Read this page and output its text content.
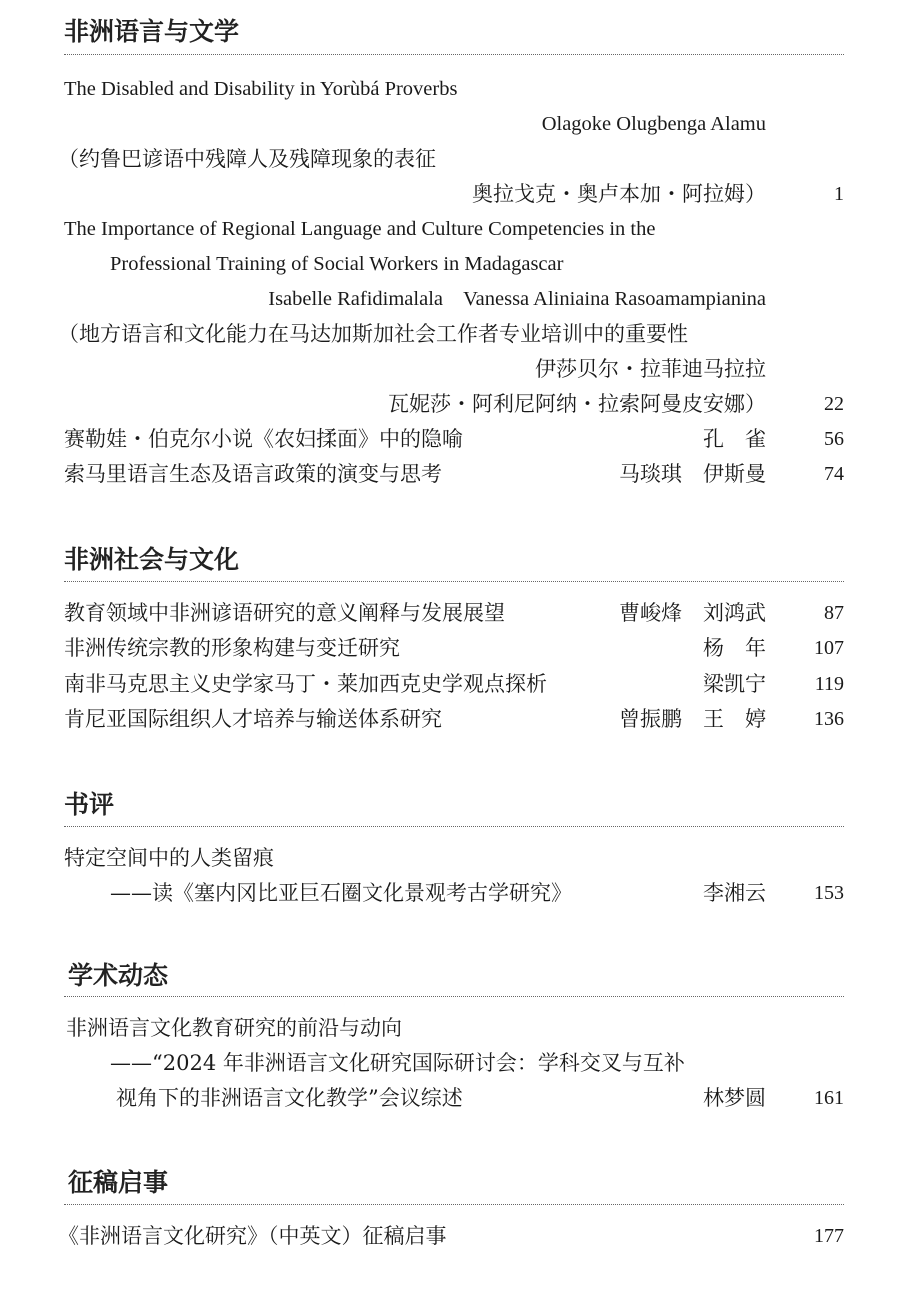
非洲语言与文学
The Disabled and Disability in Yorùbá Proverbs
Olagoke Olugbenga Alamu
（约鲁巴谚语中残障人及残障现象的表征
奥拉戈克・奥卢本加・阿拉姆）	1
The Importance of Regional Language and Culture Competencies in the
Professional Training of Social Workers in Madagascar
Isabelle Rafidimalala    Vanessa Aliniaina Rasoamampianina
（地方语言和文化能力在马达加斯加社会工作者专业培训中的重要性
伊莎贝尔・拉菲迪马拉拉
瓦妮莎・阿利尼阿纳・拉索阿曼皮安娜）	22
赛勒娃・伯克尔小说《农妇揉面》中的隐喻	孔　雀	56
索马里语言生态及语言政策的演变与思考	马琰琪　伊斯曼	74
非洲社会与文化
教育领域中非洲谚语研究的意义阐释与发展展望	曹峻烽　刘鸿武	87
非洲传统宗教的形象构建与变迁研究	杨　年 107
南非马克思主义史学家马丁・莱加西克史学观点探析	梁凯宁 119
肯尼亚国际组织人才培养与输送体系研究	曾振鹏　王　婷 136
书评
特定空间中的人类留痕
——读《塞内冈比亚巨石圈文化景观考古学研究》	李湘云 153
学术动态
非洲语言文化教育研究的前沿与动向
——“2024 年非洲语言文化研究国际研讨会：学科交叉与互补
视角下的非洲语言文化教学”会议综述	林梦圆 161
征稿启事
《非洲语言文化研究》（中英文）征稿启事	177
